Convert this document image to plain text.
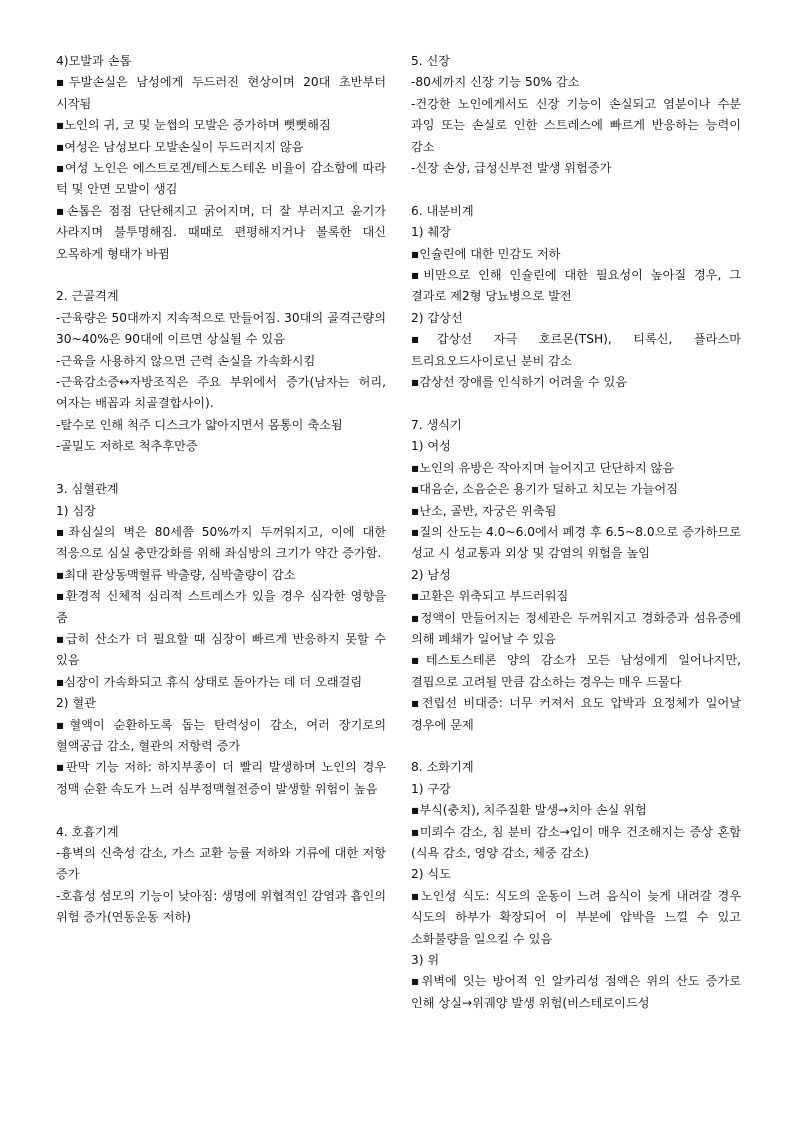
4)모발과 손톱

▪두발손실은 남성에게 두드러진 현상이며 20대 초반부터 시작됨

▪노인의 귀, 코 및 눈썹의 모발은 증가하며 뻣뻣해짐

▪여성은 남성보다 모발손실이 두드러지지 않음

▪여성 노인은 에스트로겐/테스토스테온 비율이 감소함에 따라 턱 및 안면 모발이 생김

▪손톱은 점점 단단해지고 굵어지며, 더 잘 부러지고 윤기가 사라지며 불투명해짐. 때때로 편평해지거나 볼록한 대신 오목하게 형태가 바뀜

2. 근골격계

-근육량은 50대까지 지속적으로 만들어짐. 30대의 골격근량의 30~40%은 90대에 이르면 상실될 수 있음

-근육을 사용하지 않으면 근력 손실을 가속화시킴

-근육감소증↔자방조직은 주요 부위에서 증가(남자는 허리, 여자는 배꼽과 치골결합사이).

-탈수로 인해 척주 디스크가 얇아지면서 몸통이 축소됨

-골밀도 저하로 척추후만증

3. 심혈관계

1) 심장

▪좌심실의 벽은 80세쯤 50%까지 두꺼워지고, 이에 대한 적응으로 심실 충만강화를 위해 좌심방의 크기가 약간 증가함.

▪최대 관상동맥혈류 박출량, 심박출량이 감소

▪환경적 신체적 심리적 스트레스가 있을 경우 심각한 영향을 줌

▪급히 산소가 더 필요할 때 심장이 빠르게 반응하지 못할 수 있음

▪심장이 가속화되고 휴식 상태로 돌아가는 데 더 오래걸림

2) 혈관

▪혈액이 순환하도록 돕는 탄력성이 감소, 여러 장기로의 혈액공급 감소, 혈관의 저항력 증가

▪판막 기능 저하: 하지부종이 더 빨리 발생하며 노인의 경우 정맥 순환 속도가 느려 심부정맥혈전증이 발생할 위험이 높음

4. 호흡기계

-흉벽의 신축성 감소, 가스 교환 능률 저하와 기류에 대한 저항 증가

-호흡성 섬모의 기능이 낮아짐: 생명에 위협적인 감염과 흡인의 위험 증가(연동운동 저하)

5. 신장

-80세까지 신장 기능 50% 감소

-건강한 노인에게서도 신장 기능이 손실되고 염분이나 수분 과잉 또는 손실로 인한 스트레스에 빠르게 반응하는 능력이 감소

-신장 손상, 급성신부전 발생 위험증가

6. 내분비계

1) 췌장

▪인슐린에 대한 민감도 저하

▪비만으로 인해 인슐린에 대한 필요성이 높아질 경우, 그 결과로 제2형 당뇨병으로 발전

2) 갑상선

▪갑상선 자극 호르몬(TSH), 티록신, 플라스마 트리요오드사이로닌 분비 감소

▪감상선 장애를 인식하기 어려울 수 있음

7. 생식기

1) 여성

▪노인의 유방은 작아지며 늘어지고 단단하지 않음

▪대음순, 소음순은 용기가 덜하고 치모는 가늘어짐

▪난소, 골반, 자궁은 위축됨

▪질의 산도는 4.0~6.0에서 폐경 후 6.5~8.0으로 증가하므로 성교 시 성교통과 외상 및 감염의 위험을 높임

2) 남성

▪고환은 위축되고 부드러워짐

▪정액이 만들어지는 정세관은 두꺼워지고 경화증과 섬유증에 의해 폐쇄가 일어날 수 있음

▪테스토스테론 양의 감소가 모든 남성에게 일어나지만, 결핍으로 고려될 만큼 감소하는 경우는 매우 드물다

▪전립선 비대증: 너무 커져서 요도 압박과 요정체가 일어날 경우에 문제

8. 소화기계

1) 구강

▪부식(충치), 치주질환 발생→치아 손실 위험

▪미뢰수 감소, 침 분비 감소→입이 매우 건조해지는 증상 혼함(식욕 감소, 영양 감소, 체중 감소)

2) 식도

▪노인성 식도: 식도의 운동이 느려 음식이 늦게 내려갈 경우 식도의 하부가 확장되어 이 부분에 압박을 느낄 수 있고 소화불량을 일으킬 수 있음

3) 위

▪위벽에 잇는 방어적 인 알카리성 점액은 위의 산도 증가로 인해 상실→위궤양 발생 위험(비스테로이드성
